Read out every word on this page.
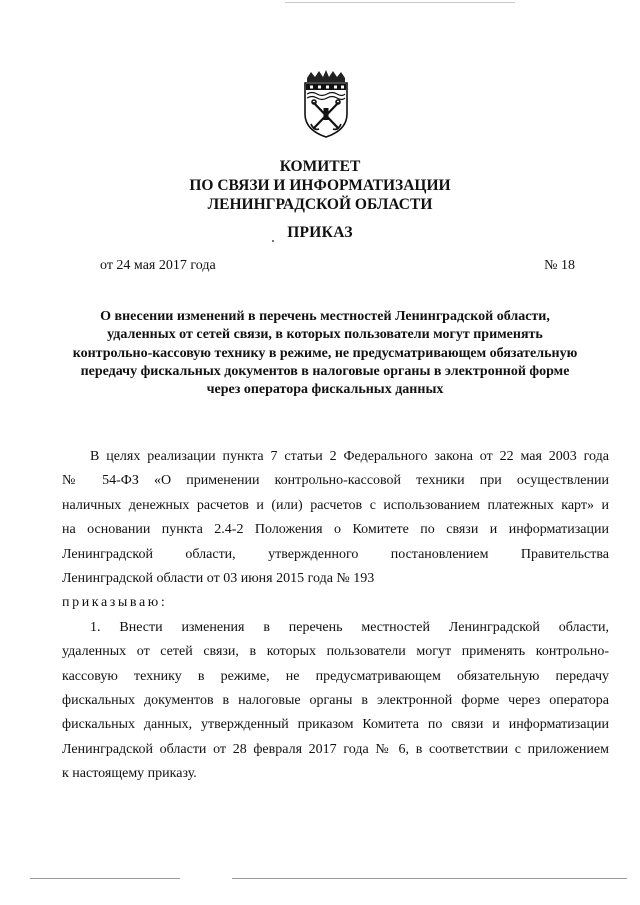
КОМИТЕТ
ПО СВЯЗИ И ИНФОРМАТИЗАЦИИ
ЛЕНИНГРАДСКОЙ ОБЛАСТИ
ПРИКАЗ
от 24 мая 2017 года	№ 18
О внесении изменений в перечень местностей Ленинградской области,
удаленных от сетей связи, в которых пользователи могут применять
контрольно-кассовую технику в режиме, не предусматривающем обязательную
передачу фискальных документов в налоговые органы в электронной форме
через оператора фискальных данных
В целях реализации пункта 7 статьи 2 Федерального закона от 22 мая 2003 года
№ 54-ФЗ «О применении контрольно-кассовой техники при осуществлении
наличных денежных расчетов и (или) расчетов с использованием платежных карт» и
на основании пункта 2.4-2 Положения о Комитете по связи и информатизации
Ленинградской области, утвержденного постановлением Правительства
Ленинградской области от 03 июня 2015 года № 193
приказываю:
1. Внести изменения в перечень местностей Ленинградской области,
удаленных от сетей связи, в которых пользователи могут применять контрольно-
кассовую технику в режиме, не предусматривающем обязательную передачу
фискальных документов в налоговые органы в электронной форме через оператора
фискальных данных, утвержденный приказом Комитета по связи и информатизации
Ленинградской области от 28 февраля 2017 года № 6, в соответствии с приложением
к настоящему приказу.
